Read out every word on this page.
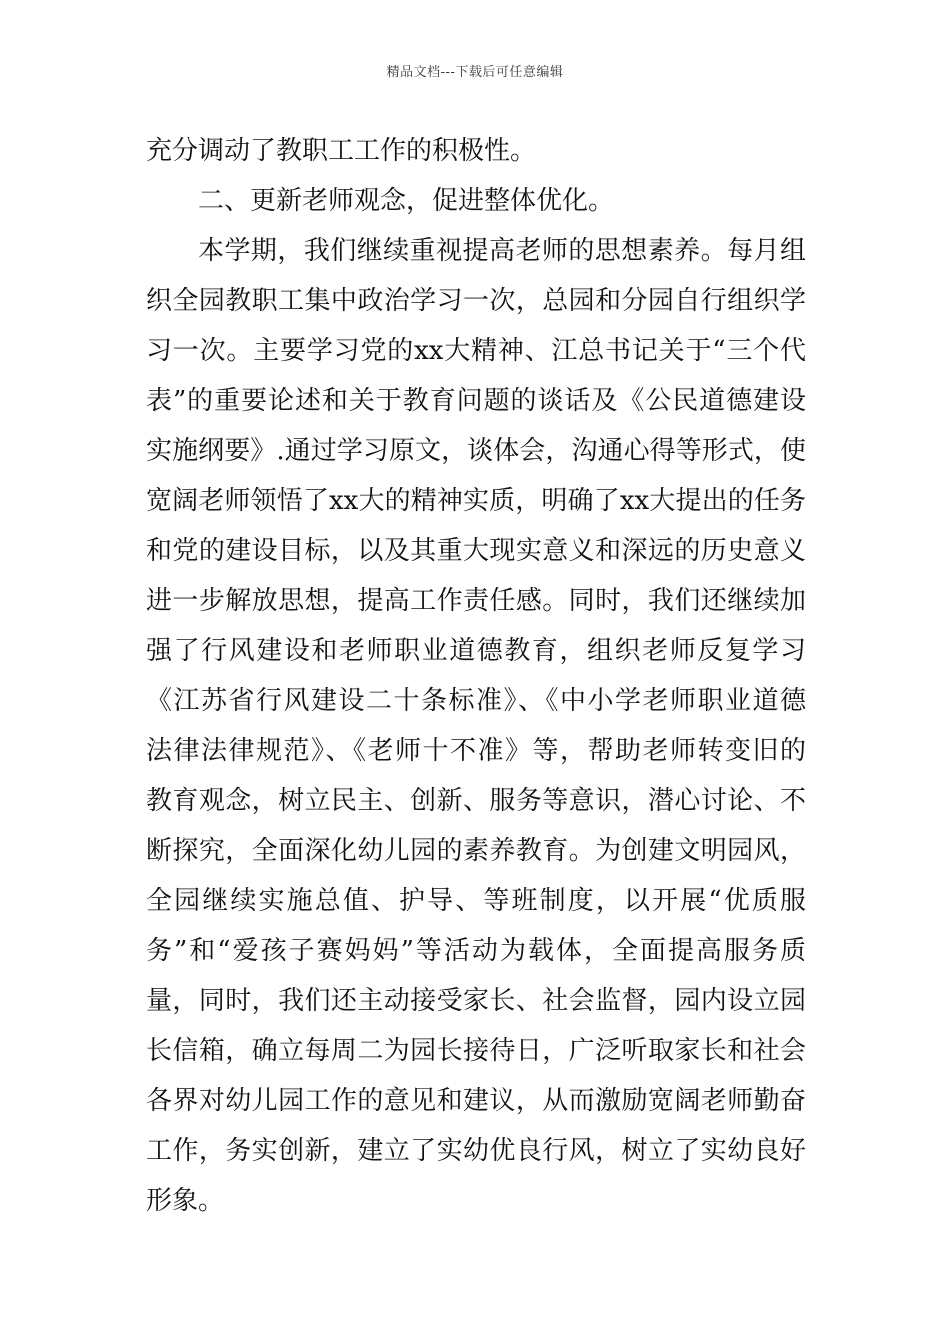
精品文档---下载后可任意编辑
充分调动了教职工工作的积极性。
二、更新老师观念，促进整体优化。
本学期，我们继续重视提高老师的思想素养。每月组
织全园教职工集中政治学习一次，总园和分园自行组织学
习一次。主要学习党的xx大精神、江总书记关于“三个代
表”的重要论述和关于教育问题的谈话及《公民道德建设
实施纲要》.通过学习原文，谈体会，沟通心得等形式，使
宽阔老师领悟了xx大的精神实质，明确了xx大提出的任务
和党的建设目标，以及其重大现实意义和深远的历史意义
进一步解放思想，提高工作责任感。同时，我们还继续加
强了行风建设和老师职业道德教育，组织老师反复学习
《江苏省行风建设二十条标准》、《中小学老师职业道德
法律法律规范》、《老师十不准》等，帮助老师转变旧的
教育观念，树立民主、创新、服务等意识，潜心讨论、不
断探究，全面深化幼儿园的素养教育。为创建文明园风，
全园继续实施总值、护导、等班制度，以开展“优质服
务”和“爱孩子赛妈妈”等活动为载体，全面提高服务质
量，同时，我们还主动接受家长、社会监督，园内设立园
长信箱，确立每周二为园长接待日，广泛听取家长和社会
各界对幼儿园工作的意见和建议，从而激励宽阔老师勤奋
工作，务实创新，建立了实幼优良行风，树立了实幼良好
形象。
